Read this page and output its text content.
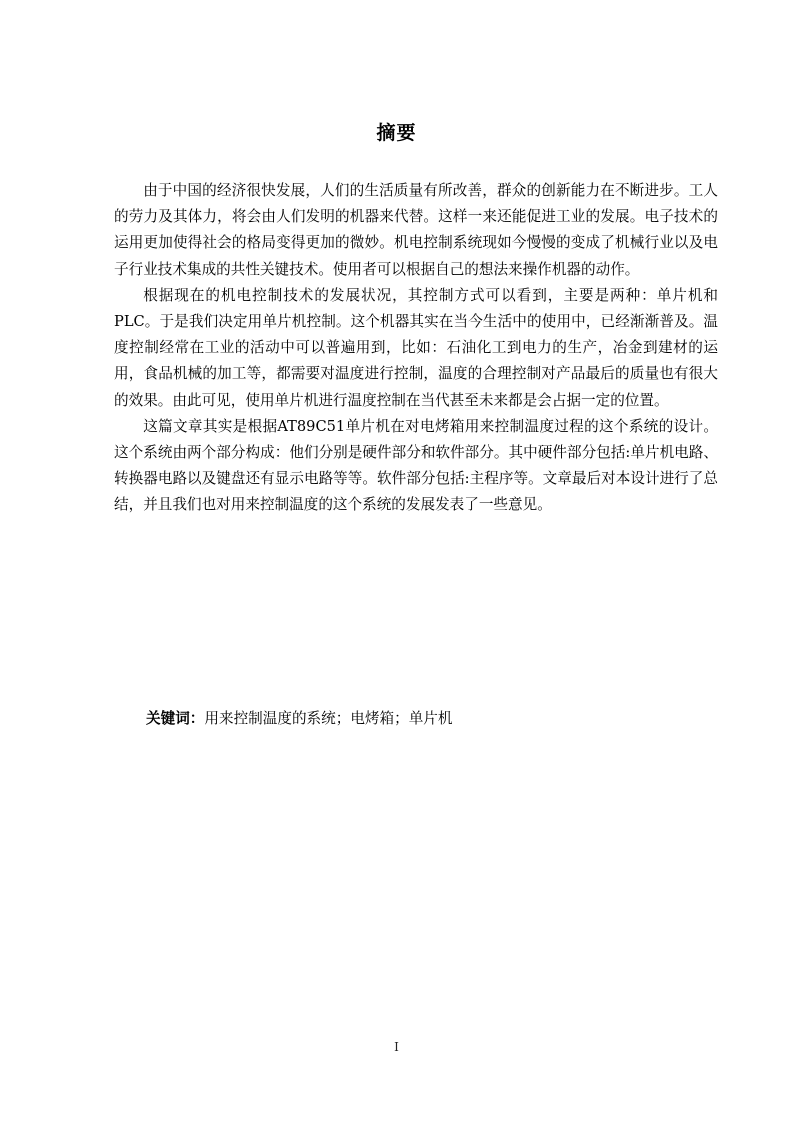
摘要

由于中国的经济很快发展，人们的生活质量有所改善，群众的创新能力在不断进步。工人的劳力及其体力，将会由人们发明的机器来代替。这样一来还能促进工业的发展。电子技术的运用更加使得社会的格局变得更加的微妙。机电控制系统现如今慢慢的变成了机械行业以及电子行业技术集成的共性关键技术。使用者可以根据自己的想法来操作机器的动作。

根据现在的机电控制技术的发展状况，其控制方式可以看到，主要是两种：单片机和 PLC。于是我们决定用单片机控制。这个机器其实在当今生活中的使用中，已经渐渐普及。温度控制经常在工业的活动中可以普遍用到，比如：石油化工到电力的生产，冶金到建材的运用，食品机械的加工等，都需要对温度进行控制，温度的合理控制对产品最后的质量也有很大的效果。由此可见，使用单片机进行温度控制在当代甚至未来都是会占据一定的位置。

这篇文章其实是根据AT89C51单片机在对电烤箱用来控制温度过程的这个系统的设计。这个系统由两个部分构成：他们分别是硬件部分和软件部分。其中硬件部分包括:单片机电路、转换器电路以及键盘还有显示电路等等。软件部分包括:主程序等。文章最后对本设计进行了总结，并且我们也对用来控制温度的这个系统的发展发表了一些意见。

关键词：用来控制温度的系统；电烤箱；单片机
I
